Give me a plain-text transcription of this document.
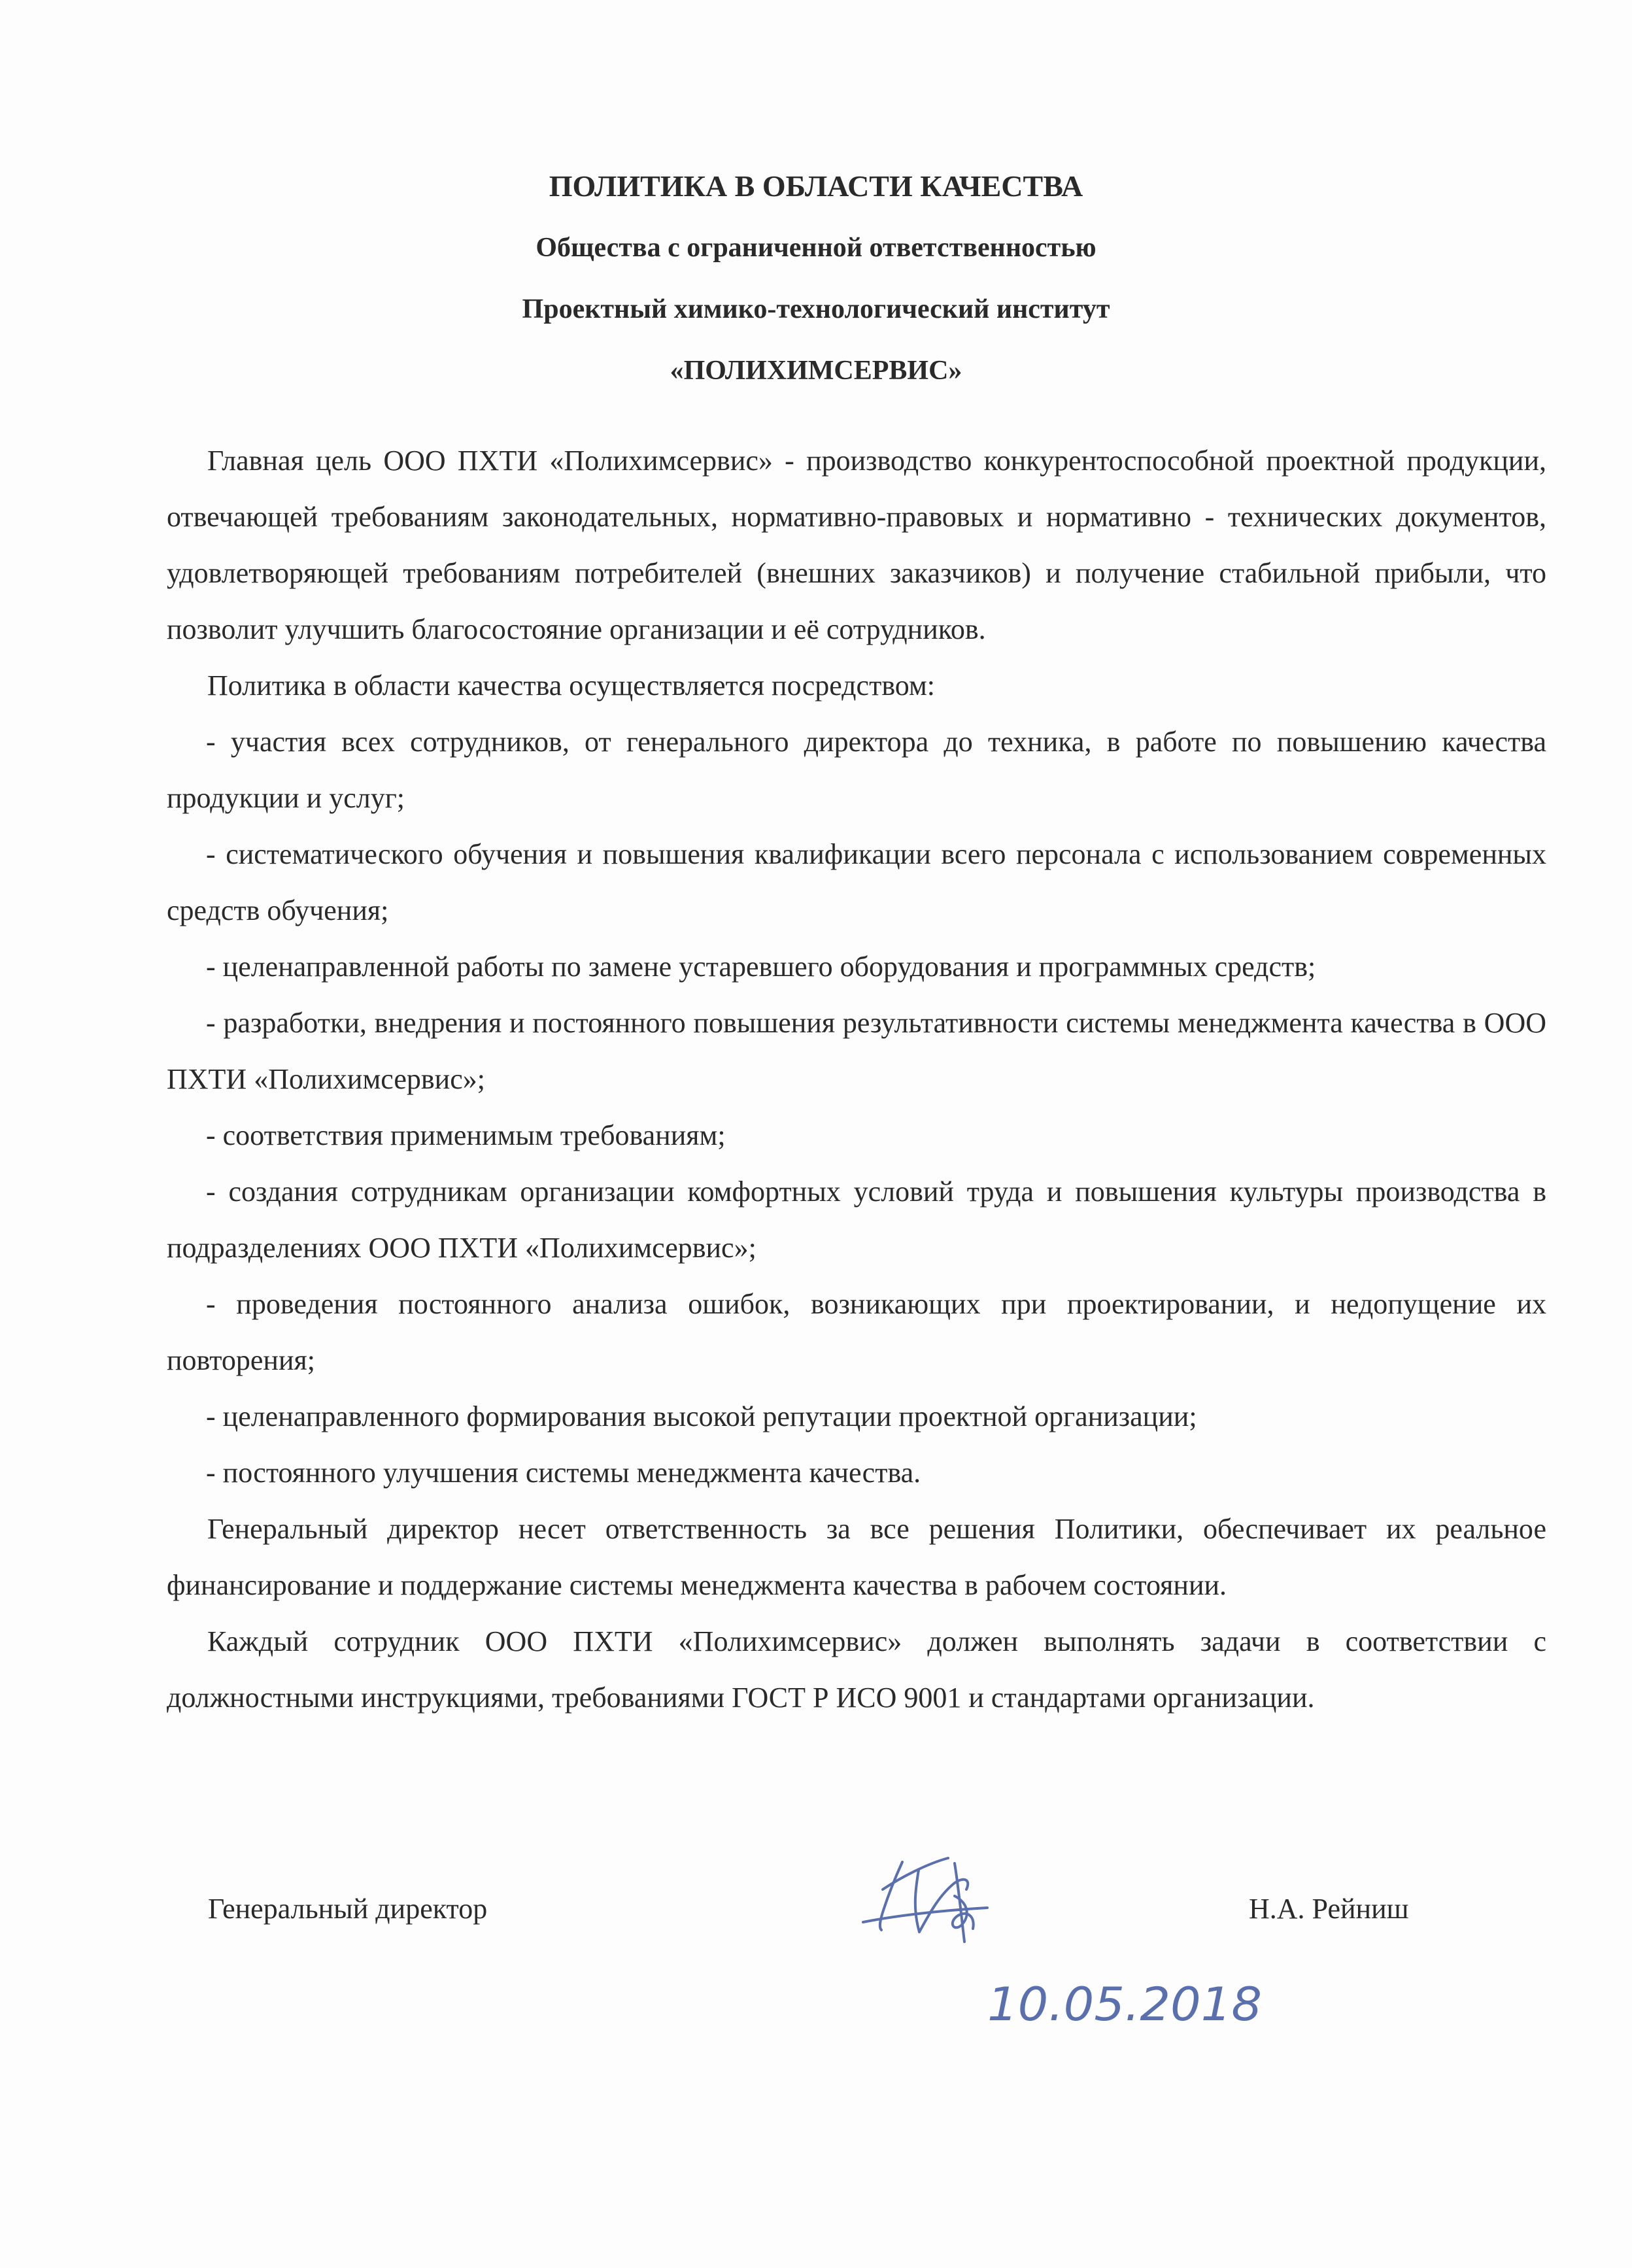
ПОЛИТИКА В ОБЛАСТИ КАЧЕСТВА
Общества с ограниченной ответственностью
Проектный химико-технологический институт
«ПОЛИХИМСЕРВИС»

Главная цель ООО ПХТИ «Полихимсервис» - производство конкурентоспособной проектной продукции, отвечающей требованиям законодательных, нормативно-правовых и нормативно - технических документов, удовлетворяющей требованиям потребителей (внешних заказчиков) и получение стабильной прибыли, что позволит улучшить благосостояние организации и её сотрудников.

Политика в области качества осуществляется посредством:

- участия всех сотрудников, от генерального директора до техника, в работе по повышению качества продукции и услуг;

- систематического обучения и повышения квалификации всего персонала с использованием современных средств обучения;

- целенаправленной работы по замене устаревшего оборудования и программных средств;

- разработки, внедрения и постоянного повышения результативности системы менеджмента качества в ООО ПХТИ «Полихимсервис»;

- соответствия применимым требованиям;

- создания сотрудникам организации комфортных условий труда и повышения культуры производства в подразделениях ООО ПХТИ «Полихимсервис»;

- проведения постоянного анализа ошибок, возникающих при проектировании, и недопущение их повторения;

- целенаправленного формирования высокой репутации проектной организации;

- постоянного улучшения системы менеджмента качества.

Генеральный директор несет ответственность за все решения Политики, обеспечивает их реальное финансирование и поддержание системы менеджмента качества в рабочем состоянии.

Каждый сотрудник ООО ПХТИ «Полихимсервис» должен выполнять задачи в соответствии с должностными инструкциями, требованиями ГОСТ Р ИСО 9001 и стандартами организации.

Генеральный директор	Н.А. Рейниш
10.05.2018
